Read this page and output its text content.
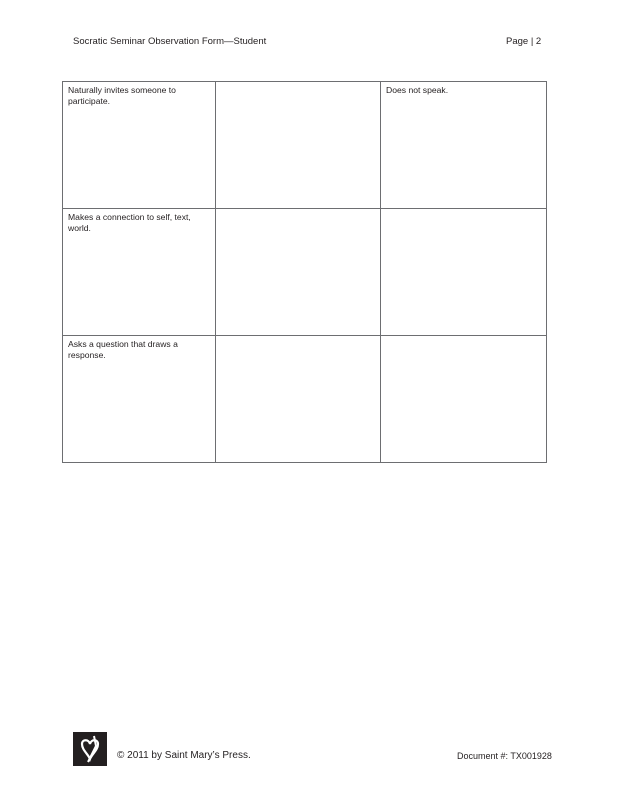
Socratic Seminar Observation Form—Student	Page | 2
Naturally invites someone to participate.		Does not speak.
Makes a connection to self, text, world.		
Asks a question that draws a response.		
© 2011 by Saint Mary’s Press.	Document #: TX001928
